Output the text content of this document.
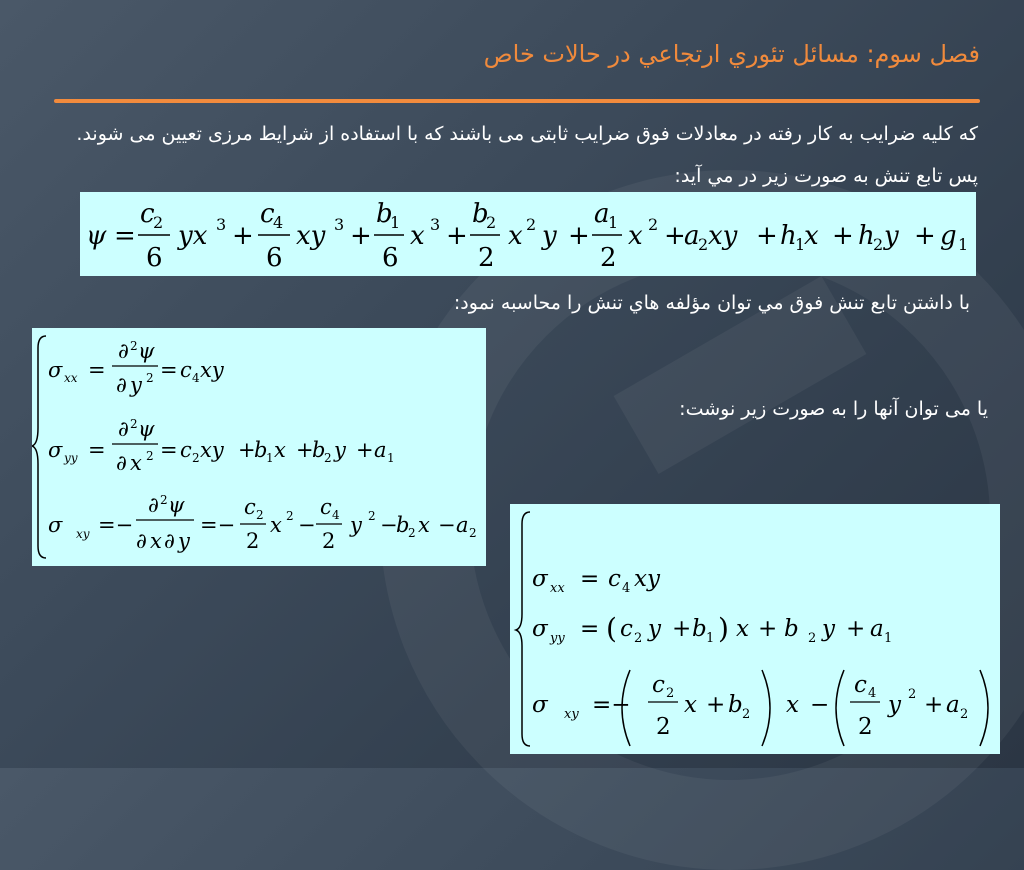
فصل سوم: مسائل تئوري ارتجاعي در حالات خاص
که کلیه ضرایب به کار رفته در معادلات فوق ضرایب ثابتی می باشند که با استفاده از شرایط مرزی تعیین می شوند. پس تابع تنش به صورت زیر در مي آید:
ψ =
c
2
6
yx 3 +
c
4
6
xy 3 +
b
1
6
x 3 +
b
2
2
x 2 y +
a
1
2
x 2 +
a
2 xy + h
1
x + h
2 y + g 1
با داشتن تابع تنش فوق مي توان مؤلفه هاي تنش را محاسبه نمود:
σ xx =
∂ 2 ψ
∂ y 2 = c 4 xy
σ yy =
∂ 2 ψ
∂ x 2 = c 2 xy +
b
1 x +
b
2 y + a 1
σ xy =−
∂ 2 ψ
∂ x ∂ y
=−
c 2
2
x 2 −
c 4
2
y 2 −
b
2 x − a 2
یا می توان آنها را به صورت زیر نوشت:
σ xx = c 4 xy
σ yy = ( c 2 y + b 1 ) x + b 2 y + a 1
σ xy =−
c 2
2
x + b 2 x −
c 4
2
y 2 + a 2
